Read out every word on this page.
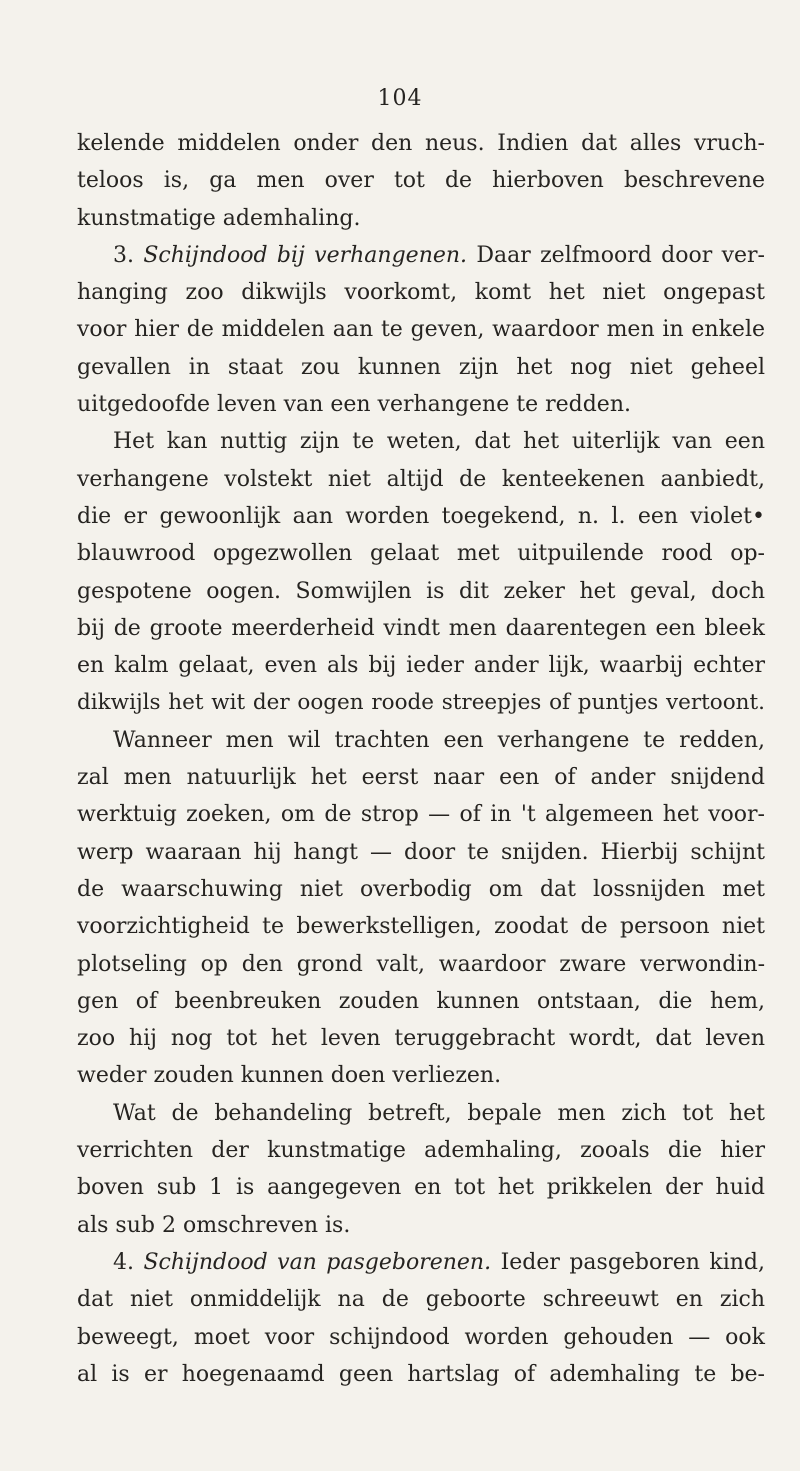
104
kelende middelen onder den neus. Indien dat alles vruch-
teloos is, ga men over tot de hierboven beschrevene
kunstmatige ademhaling.
3. Schijndood bij verhangenen. Daar zelfmoord door ver-
hanging zoo dikwijls voorkomt, komt het niet ongepast
voor hier de middelen aan te geven, waardoor men in enkele
gevallen in staat zou kunnen zijn het nog niet geheel
uitgedoofde leven van een verhangene te redden.
Het kan nuttig zijn te weten, dat het uiterlijk van een
verhangene volstekt niet altijd de kenteekenen aanbiedt,
die er gewoonlijk aan worden toegekend, n. l. een violet•
blauwrood opgezwollen gelaat met uitpuilende rood op-
gespotene oogen. Somwijlen is dit zeker het geval, doch
bij de groote meerderheid vindt men daarentegen een bleek
en kalm gelaat, even als bij ieder ander lijk, waarbij echter
dikwijls het wit der oogen roode streepjes of puntjes vertoont.
Wanneer men wil trachten een verhangene te redden,
zal men natuurlijk het eerst naar een of ander snijdend
werktuig zoeken, om de strop — of in 't algemeen het voor-
werp waaraan hij hangt — door te snijden. Hierbij schijnt
de waarschuwing niet overbodig om dat lossnijden met
voorzichtigheid te bewerkstelligen, zoodat de persoon niet
plotseling op den grond valt, waardoor zware verwondin-
gen of beenbreuken zouden kunnen ontstaan, die hem,
zoo hij nog tot het leven teruggebracht wordt, dat leven
weder zouden kunnen doen verliezen.
Wat de behandeling betreft, bepale men zich tot het
verrichten der kunstmatige ademhaling, zooals die hier
boven sub 1 is aangegeven en tot het prikkelen der huid
als sub 2 omschreven is.
4. Schijndood van pasgeborenen. Ieder pasgeboren kind,
dat niet onmiddelijk na de geboorte schreeuwt en zich
beweegt, moet voor schijndood worden gehouden — ook
al is er hoegenaamd geen hartslag of ademhaling te be-
